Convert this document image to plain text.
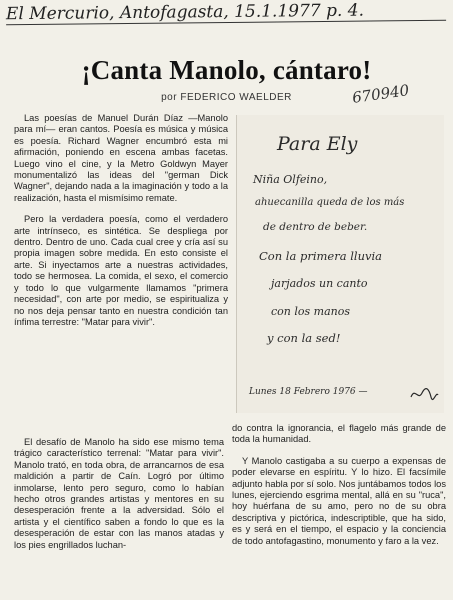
El Mercurio, Antofagasta, 15.1.1977 p. 4.
670940
¡Canta Manolo, cántaro!
por FEDERICO WAELDER

Las poesías de Manuel Durán Díaz —Manolo para mí— eran cantos. Poesía es música y música es poesía. Richard Wagner encumbró esta mi afirmación, poniendo en escena ambas facetas. Luego vino el cine, y la Metro Goldwyn Mayer monumentalizó las ideas del "german Dick Wagner", dejando nada a la imaginación y todo a la realización, hasta el mismísimo remate.

Pero la verdadera poesía, como el verdadero arte intrínseco, es sintética. Se despliega por dentro. Dentro de uno. Cada cual cree y cría así su propia imagen sobre medida. En esto consiste el arte. Si inyectamos arte a nuestras actividades, todo se hermosea. La comida, el sexo, el comercio y todo lo que vulgarmente llamamos "primera necesidad", con arte por medio, se espiritualiza y no nos deja pensar tanto en nuestra condición tan ínfima terrestre: "Matar para vivir".

El desafío de Manolo ha sido ese mismo tema trágico característico terrenal: "Matar para vivir". Manolo trató, en toda obra, de arrancarnos de esa maldición a partir de Caín. Logró por último inmolarse, lento pero seguro, como lo habían hecho otros grandes artistas y mentores en su desesperación frente a la adversidad. Sólo el artista y el científico saben a fondo lo que es la desesperación de estar con las manos atadas y los pies engrillados luchan-

Para Ely
Niña Olfeino,
ahuecanilla queda de los más
de dentro de beber.
Con la primera lluvia
jarjados un canto
con los manos
y con la sed!
Lunes 18 Febrero 1976 —

do contra la ignorancia, el flagelo más grande de toda la humanidad.

Y Manolo castigaba a su cuerpo a expensas de poder elevarse en espíritu. Y lo hizo. El facsímile adjunto habla por sí solo. Nos juntábamos todos los lunes, ejerciendo esgrima mental, allá en su "ruca", hoy huérfana de su amo, pero no de su obra descriptiva y pictórica, indescriptible, que ha sido, es y será en el tiempo, el espacio y la conciencia de todo antofagastino, monumento y faro a la vez.
